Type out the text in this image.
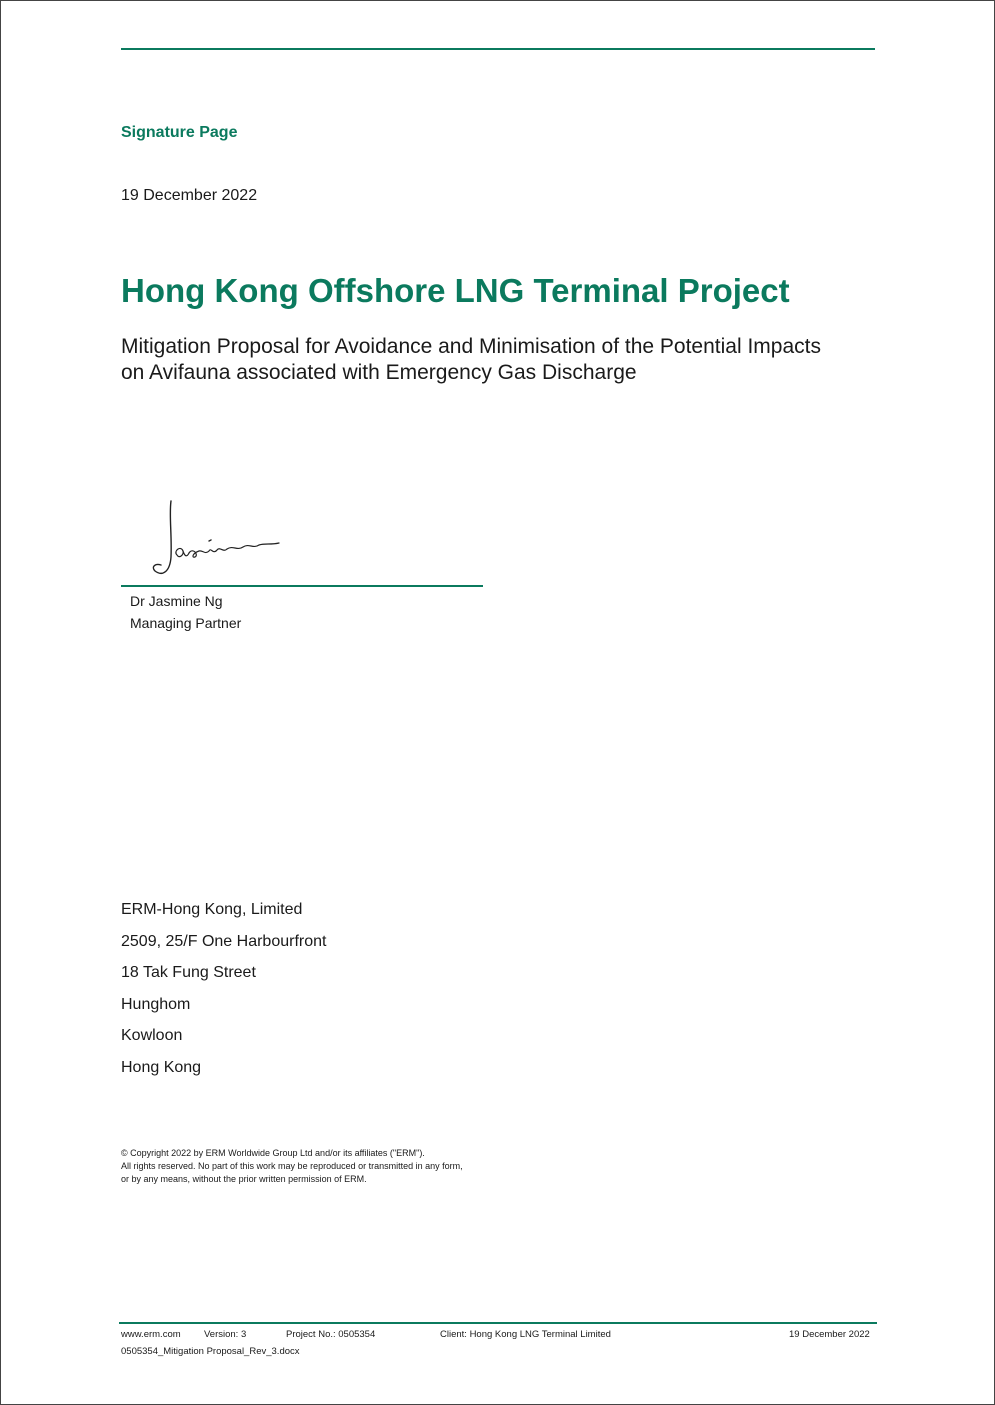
Signature Page
19 December 2022
Hong Kong Offshore LNG Terminal Project
Mitigation Proposal for Avoidance and Minimisation of the Potential Impacts on Avifauna associated with Emergency Gas Discharge
Dr Jasmine Ng
Managing Partner
ERM-Hong Kong, Limited
2509, 25/F One Harbourfront
18 Tak Fung Street
Hunghom
Kowloon
Hong Kong
© Copyright 2022 by ERM Worldwide Group Ltd and/or its affiliates ("ERM").
All rights reserved. No part of this work may be reproduced or transmitted in any form,
or by any means, without the prior written permission of ERM.
www.erm.com Version: 3	Project No.: 0505354	Client: Hong Kong LNG Terminal Limited	19 December 2022
0505354_Mitigation Proposal_Rev_3.docx
